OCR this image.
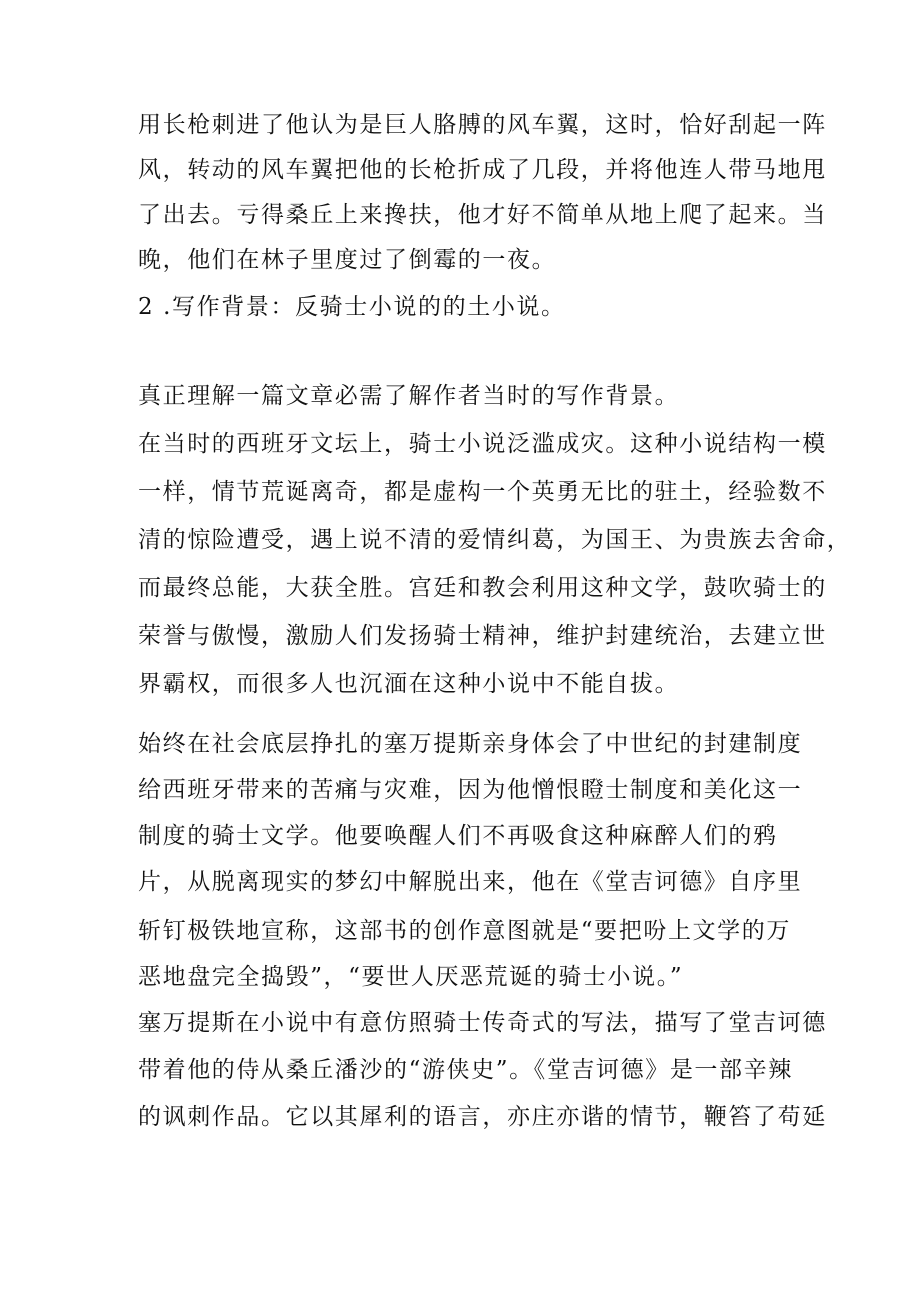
用长枪刺进了他认为是巨人胳膊的风车翼，这时，恰好刮起一阵
风，转动的风车翼把他的长枪折成了几段，并将他连人带马地甩
了出去。亏得桑丘上来搀扶，他才好不简单从地上爬了起来。当
晚，他们在林子里度过了倒霉的一夜。
2 .写作背景：反骑士小说的的土小说。
真正理解一篇文章必需了解作者当时的写作背景。
在当时的西班牙文坛上，骑士小说泛滥成灾。这种小说结构一模
一样，情节荒诞离奇，都是虚构一个英勇无比的驻土，经验数不
清的惊险遭受，遇上说不清的爱情纠葛，为国王、为贵族去舍命，
而最终总能，大获全胜。宫廷和教会利用这种文学，鼓吹骑士的
荣誉与傲慢，激励人们发扬骑士精神，维护封建统治，去建立世
界霸权，而很多人也沉湎在这种小说中不能自拔。
始终在社会底层挣扎的塞万提斯亲身体会了中世纪的封建制度
给西班牙带来的苦痛与灾难，因为他憎恨瞪士制度和美化这一
制度的骑士文学。他要唤醒人们不再吸食这种麻醉人们的鸦
片，从脱离现实的梦幻中解脱出来，他在《堂吉诃德》自序里
斩钉极铁地宣称，这部书的创作意图就是“要把吩上文学的万
恶地盘完全捣毁”，“要世人厌恶荒诞的骑士小说。”
塞万提斯在小说中有意仿照骑士传奇式的写法，描写了堂吉诃德
带着他的侍从桑丘潘沙的“游侠史”。《堂吉诃德》是一部辛辣
的讽刺作品。它以其犀利的语言，亦庄亦谐的情节，鞭笞了苟延
